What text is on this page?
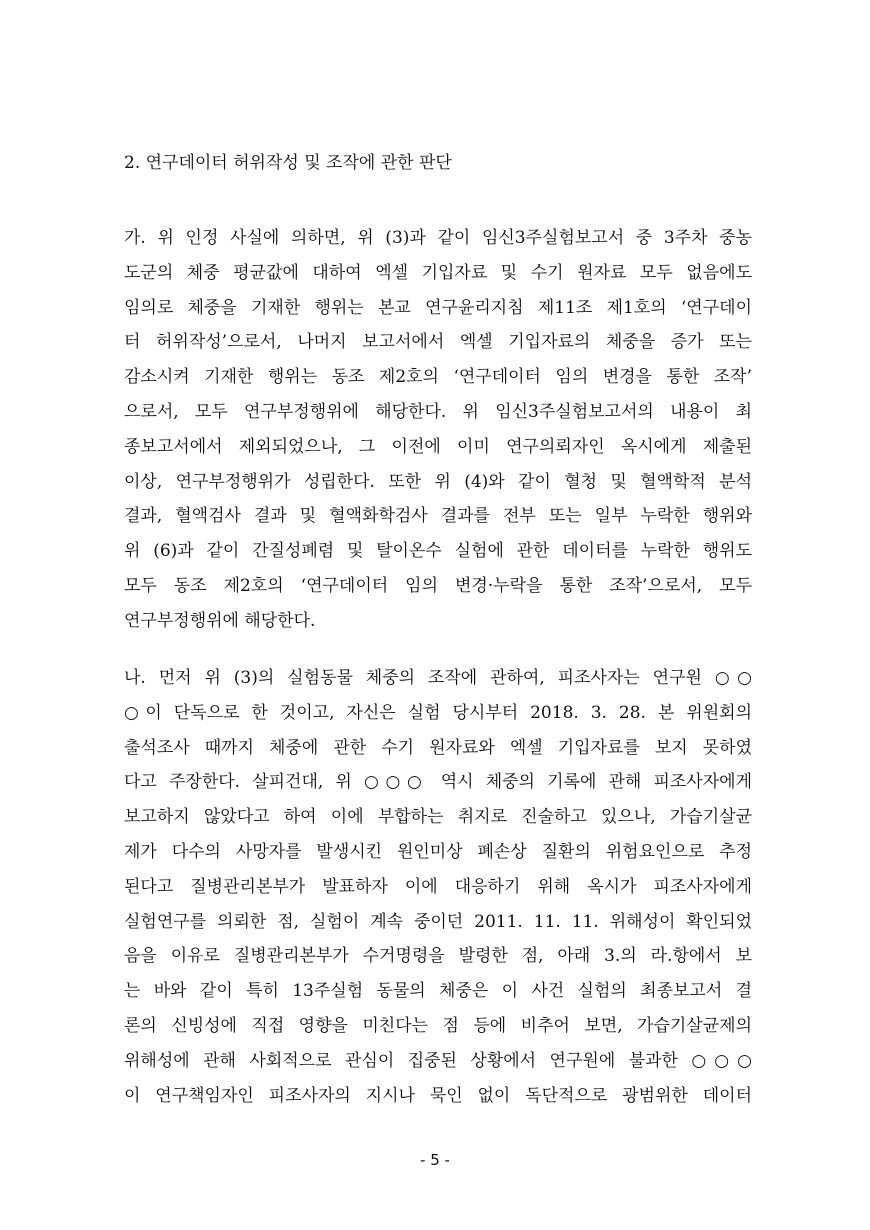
2. 연구데이터 허위작성 및 조작에 관한 판단
가. 위 인정 사실에 의하면, 위 (3)과 같이 임신3주실험보고서 중 3주차 중농
도군의 체중 평균값에 대하여 엑셀 기입자료 및 수기 원자료 모두 없음에도
임의로 체중을 기재한 행위는 본교 연구윤리지침 제11조 제1호의 ‘연구데이
터 허위작성’으로서, 나머지 보고서에서 엑셀 기입자료의 체중을 증가 또는
감소시켜 기재한 행위는 동조 제2호의 ‘연구데이터 임의 변경을 통한 조작’
으로서, 모두 연구부정행위에 해당한다. 위 임신3주실험보고서의 내용이 최
종보고서에서 제외되었으나, 그 이전에 이미 연구의뢰자인 옥시에게 제출된
이상, 연구부정행위가 성립한다. 또한 위 (4)와 같이 혈청 및 혈액학적 분석
결과, 혈액검사 결과 및 혈액화학검사 결과를 전부 또는 일부 누락한 행위와
위 (6)과 같이 간질성폐렴 및 탈이온수 실험에 관한 데이터를 누락한 행위도
모두 동조 제2호의 ‘연구데이터 임의 변경·누락을 통한 조작’으로서, 모두
연구부정행위에 해당한다.
나. 먼저 위 (3)의 실험동물 체중의 조작에 관하여, 피조사자는 연구원 ○○
○이 단독으로 한 것이고, 자신은 실험 당시부터 2018. 3. 28. 본 위원회의
출석조사 때까지 체중에 관한 수기 원자료와 엑셀 기입자료를 보지 못하였
다고 주장한다. 살피건대, 위 ○○○ 역시 체중의 기록에 관해 피조사자에게
보고하지 않았다고 하여 이에 부합하는 취지로 진술하고 있으나, 가습기살균
제가 다수의 사망자를 발생시킨 원인미상 폐손상 질환의 위험요인으로 추정
된다고 질병관리본부가 발표하자 이에 대응하기 위해 옥시가 피조사자에게
실험연구를 의뢰한 점, 실험이 계속 중이던 2011. 11. 11. 위해성이 확인되었
음을 이유로 질병관리본부가 수거명령을 발령한 점, 아래 3.의 라.항에서 보
는 바와 같이 특히 13주실험 동물의 체중은 이 사건 실험의 최종보고서 결
론의 신빙성에 직접 영향을 미친다는 점 등에 비추어 보면, 가습기살균제의
위해성에 관해 사회적으로 관심이 집중된 상황에서 연구원에 불과한 ○○○
이 연구책임자인 피조사자의 지시나 묵인 없이 독단적으로 광범위한 데이터
- 5 -
